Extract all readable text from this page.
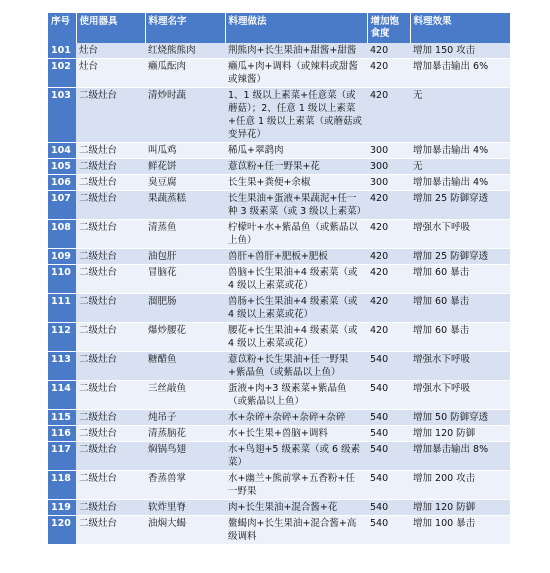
序号	使用器具	料理名字	料理做法	增加饱食度	料理效果
101	灶台	红烧熊熊肉	荆熊肉+长生果油+甜酱+甜酱	420	增加 150 攻击
102	灶台	癞瓜酝肉	癞瓜+肉+调料（或辣料或甜酱或辣酱）	420	增加暴击输出 6%
103	二级灶台	清炒时蔬	1、1 级以上素菜+任意菜（或蘑菇）；2、任意 1 级以上素菜+任意 1 级以上素菜（或蘑菇或变异花）	420	无
104	二级灶台	叫瓜鸡	稀瓜+翠鹞肉	300	增加暴击输出 4%
105	二级灶台	鲜花饼	薏苡粉+任一野果+花	300	无
106	二级灶台	臭豆腐	长生果+粪便+余椒	300	增加暴击输出 4%
107	二级灶台	果蔬蒸糕	长生果油+蛋液+果蔬泥+任一种 3 级素菜（或 3 级以上素菜）	420	增加 25 防御穿透
108	二级灶台	清蒸鱼	柠檬叶+水+紫晶鱼（或紫晶以上鱼）	420	增强水下呼吸
109	二级灶台	油包肝	兽肝+兽肝+肥板+肥板	420	增加 25 防御穿透
110	二级灶台	冒脑花	兽脑+长生果油+4 级素菜（或 4 级以上素菜或花）	420	增加 60 暴击
111	二级灶台	溜肥肠	兽肠+长生果油+4 级素菜（或 4 级以上素菜或花）	420	增加 60 暴击
112	二级灶台	爆炒腰花	腰花+长生果油+4 级素菜（或 4 级以上素菜或花）	420	增加 60 暴击
113	二级灶台	糖醋鱼	薏苡粉+长生果油+任一野果+紫晶鱼（或紫晶以上鱼）	540	增强水下呼吸
114	二级灶台	三丝敲鱼	蛋液+肉+3 级素菜+紫晶鱼（或紫晶以上鱼）	540	增强水下呼吸
115	二级灶台	炖吊子	水+杂碎+杂碎+杂碎+杂碎	540	增加 50 防御穿透
116	二级灶台	清蒸脑花	水+长生果+兽脑+调料	540	增加 120 防御
117	二级灶台	焖锅鸟翅	水+鸟翅+5 级素菜（或 6 级素菜）	540	增加暴击输出 8%
118	二级灶台	香蒸兽掌	水+幽兰+熊前掌+五香粉+任一野果	540	增加 200 攻击
119	二级灶台	软炸里脊	肉+长生果油+混合酱+花	540	增加 120 防御
120	二级灶台	油焖大蝎	鳌蝎肉+长生果油+混合酱+高级调料	540	增加 100 暴击
